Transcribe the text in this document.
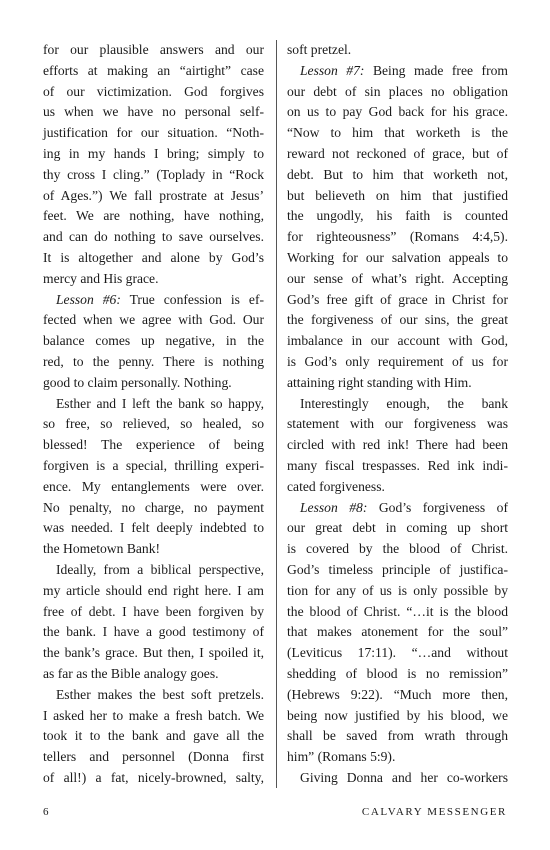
for our plausible answers and our
efforts at making an “airtight” case
of our victimization. God forgives
us when we have no personal self-
justification for our situation. “Noth-
ing in my hands I bring; simply to
thy cross I cling.” (Toplady in “Rock
of Ages.”) We fall prostrate at Jesus’
feet. We are nothing, have nothing,
and can do nothing to save ourselves.
It is altogether and alone by God’s
mercy and His grace.
Lesson #6: True confession is ef-
fected when we agree with God. Our
balance comes up negative, in the
red, to the penny. There is nothing
good to claim personally. Nothing.
Esther and I left the bank so happy,
so free, so relieved, so healed, so
blessed! The experience of being
forgiven is a special, thrilling experi-
ence. My entanglements were over.
No penalty, no charge, no payment
was needed. I felt deeply indebted to
the Hometown Bank!
Ideally, from a biblical perspective,
my article should end right here. I am
free of debt. I have been forgiven by
the bank. I have a good testimony of
the bank’s grace. But then, I spoiled it,
as far as the Bible analogy goes.
Esther makes the best soft pretzels.
I asked her to make a fresh batch. We
took it to the bank and gave all the
tellers and personnel (Donna first
of all!) a fat, nicely-browned, salty,
soft pretzel.
Lesson #7: Being made free from
our debt of sin places no obligation
on us to pay God back for his grace.
“Now to him that worketh is the
reward not reckoned of grace, but of
debt. But to him that worketh not,
but believeth on him that justified
the ungodly, his faith is counted
for righteousness” (Romans 4:4,5).
Working for our salvation appeals to
our sense of what’s right. Accepting
God’s free gift of grace in Christ for
the forgiveness of our sins, the great
imbalance in our account with God,
is God’s only requirement of us for
attaining right standing with Him.
Interestingly enough, the bank
statement with our forgiveness was
circled with red ink! There had been
many fiscal trespasses. Red ink indi-
cated forgiveness.
Lesson #8: God’s forgiveness of
our great debt in coming up short
is covered by the blood of Christ.
God’s timeless principle of justifica-
tion for any of us is only possible by
the blood of Christ. “…it is the blood
that makes atonement for the soul”
(Leviticus 17:11). “…and without
shedding of blood is no remission”
(Hebrews 9:22). “Much more then,
being now justified by his blood, we
shall be saved from wrath through
him” (Romans 5:9).
Giving Donna and her co-workers
6	CALVARY MESSENGER
